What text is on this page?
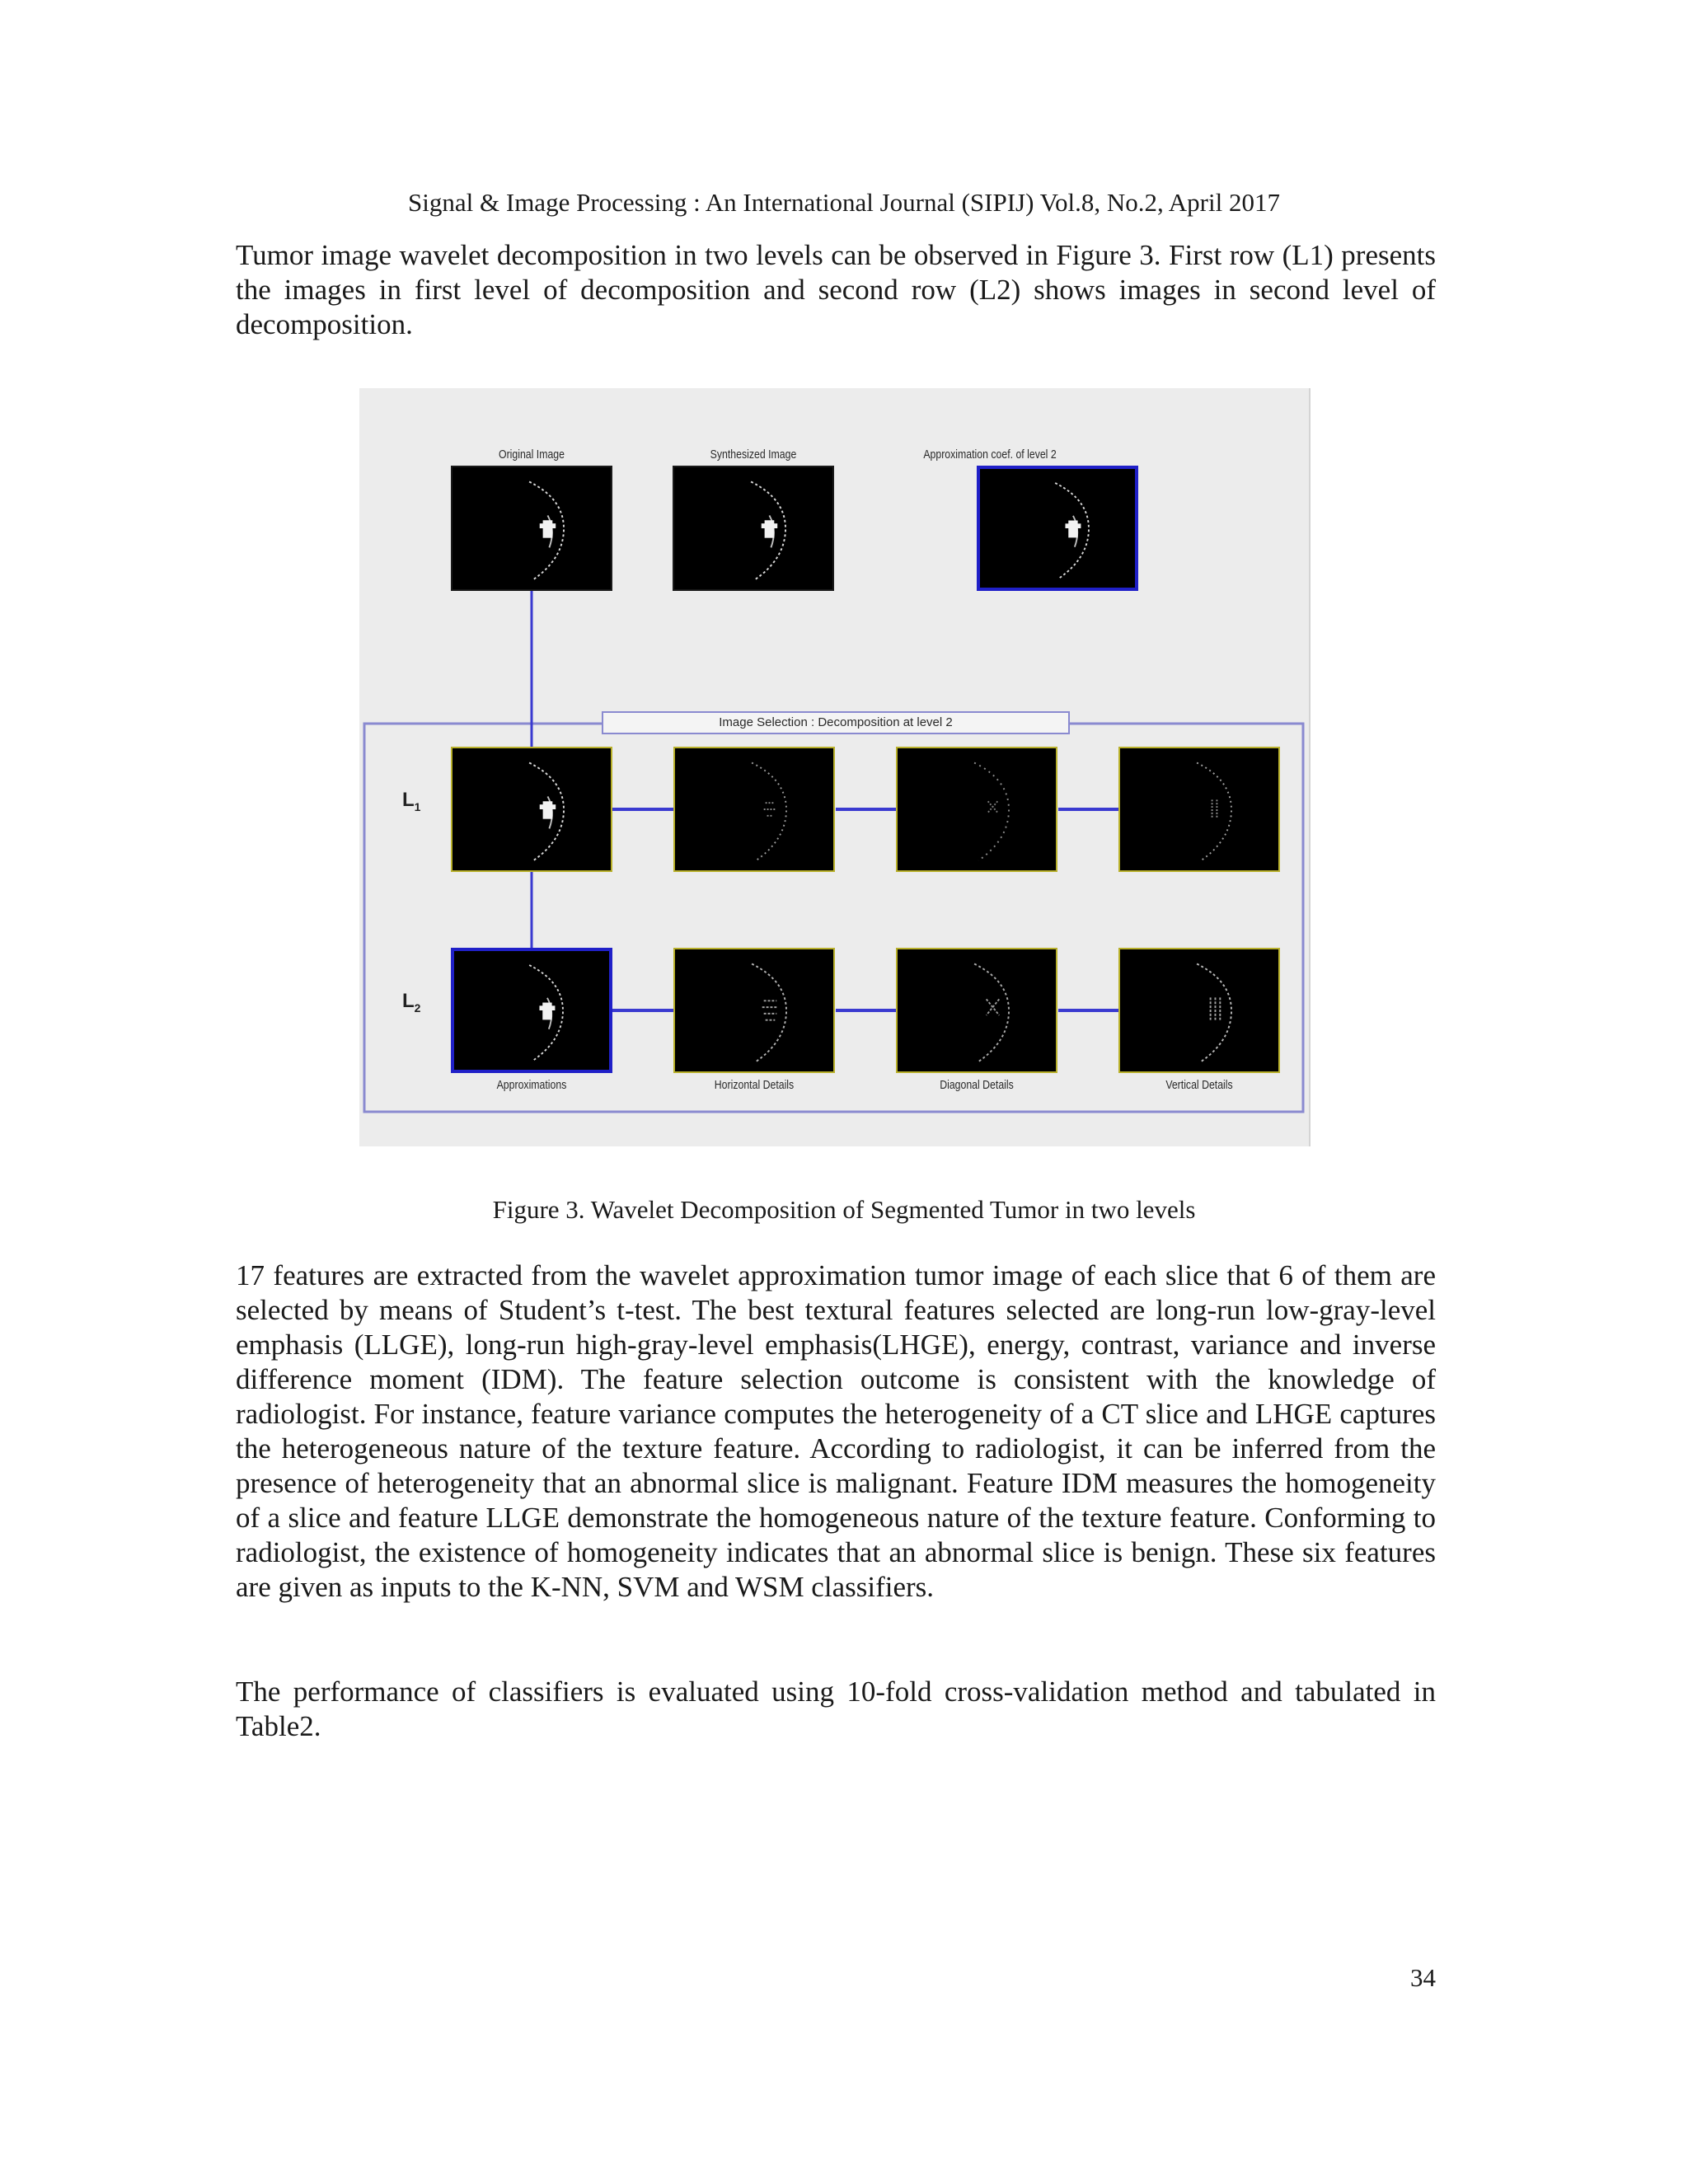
Signal & Image Processing : An International Journal (SIPIJ) Vol.8, No.2, April 2017

Tumor image wavelet decomposition in two levels can be observed in Figure 3. First row (L1) presents the images in first level of decomposition and second row (L2) shows images in second level of decomposition.

Original Image	Synthesized Image	Approximation coef. of level 2
Image Selection : Decomposition at level 2
$L_1$
$L_2$
Approximations	Horizontal Details	Diagonal Details	Vertical Details
Figure 3. Wavelet Decomposition of Segmented Tumor in two levels

17 features are extracted from the wavelet approximation tumor image of each slice that 6 of them are selected by means of Student’s t-test. The best textural features selected are long-run low-gray-level emphasis (LLGE), long-run high-gray-level emphasis(LHGE), energy, contrast, variance and inverse difference moment (IDM). The feature selection outcome is consistent with the knowledge of radiologist. For instance, feature variance computes the heterogeneity of a CT slice and LHGE captures the heterogeneous nature of the texture feature. According to radiologist, it can be inferred from the presence of heterogeneity that an abnormal slice is malignant. Feature IDM measures the homogeneity of a slice and feature LLGE demonstrate the homogeneous nature of the texture feature. Conforming to radiologist, the existence of homogeneity indicates that an abnormal slice is benign. These six features are given as inputs to the K-NN, SVM and WSM classifiers.

The performance of classifiers is evaluated using 10-fold cross-validation method and tabulated in Table2.

34
